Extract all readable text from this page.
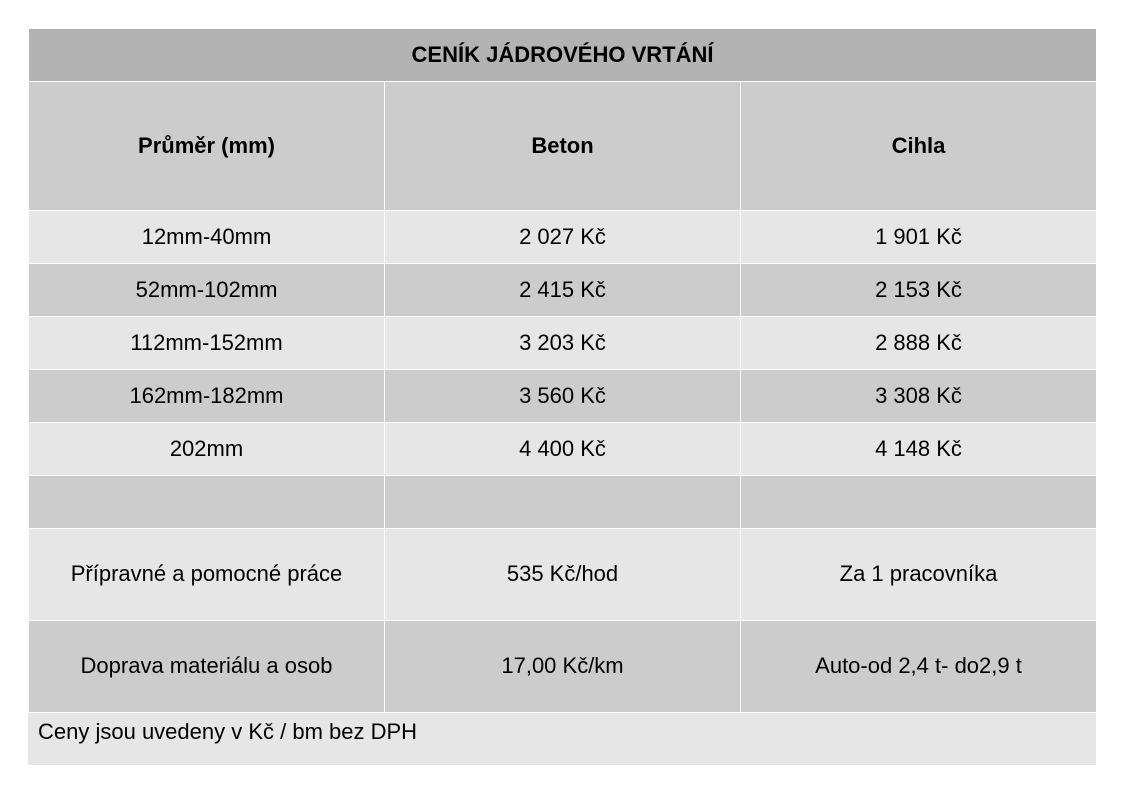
CENÍK JÁDROVÉHO VRTÁNÍ		
Průměr (mm)	Beton	Cihla
12mm-40mm	2 027 Kč	1 901 Kč
52mm-102mm	2 415 Kč	2 153 Kč
112mm-152mm	3 203 Kč	2 888 Kč
162mm-182mm	3 560 Kč	3 308 Kč
202mm	4 400 Kč	4 148 Kč

Přípravné a pomocné práce	535 Kč/hod	Za 1 pracovníka
Doprava materiálu a osob	17,00 Kč/km	Auto-od 2,4 t- do2,9 t
Ceny jsou uvedeny v Kč / bm bez DPH
